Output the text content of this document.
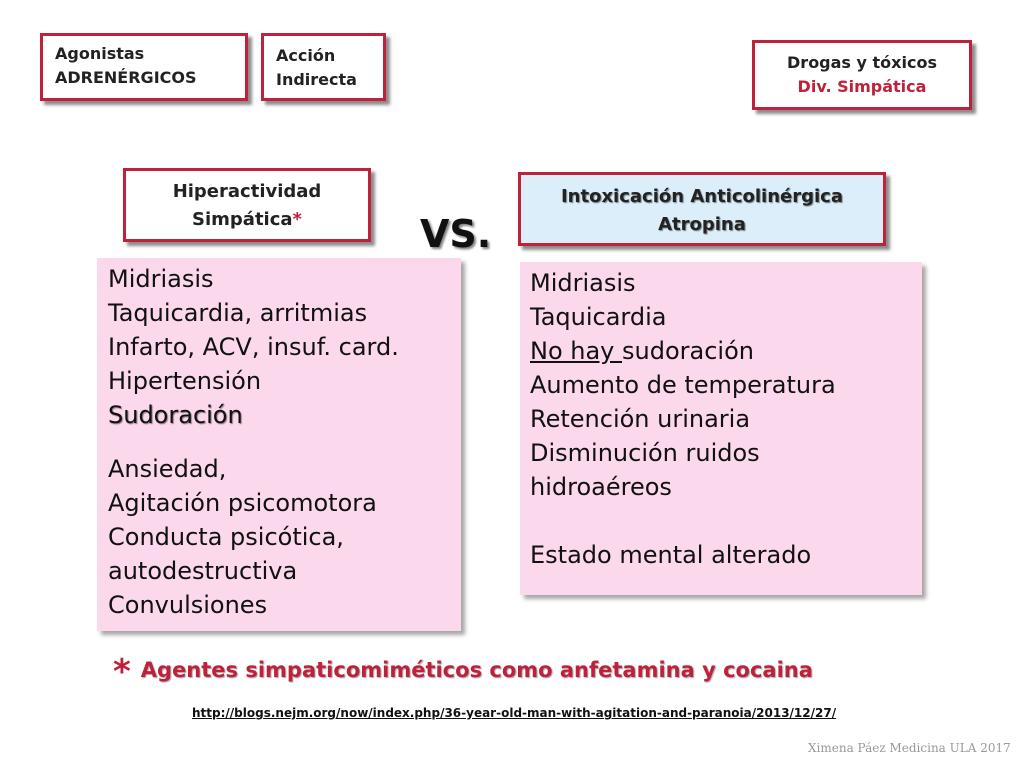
Agonistas
ADRENÉRGICOS
Acción
Indirecta
Drogas y tóxicos
Div. Simpática
Hiperactividad
Simpática*	VS.
Intoxicación Anticolinérgica
Atropina
Midriasis
Taquicardia, arritmias
Infarto, ACV, insuf. card.
Hipertensión
Sudoración
Ansiedad,
Agitación psicomotora
Conducta psicótica,
autodestructiva
Convulsiones
Midriasis
Taquicardia
No hay sudoración
Aumento de temperatura
Retención urinaria
Disminución ruidos
hidroaéreos
Estado mental alterado
* Agentes simpaticomiméticos como anfetamina y cocaina
http://blogs.nejm.org/now/index.php/36-year-old-man-with-agitation-and-paranoia/2013/12/27/
Ximena Páez Medicina ULA 2017
